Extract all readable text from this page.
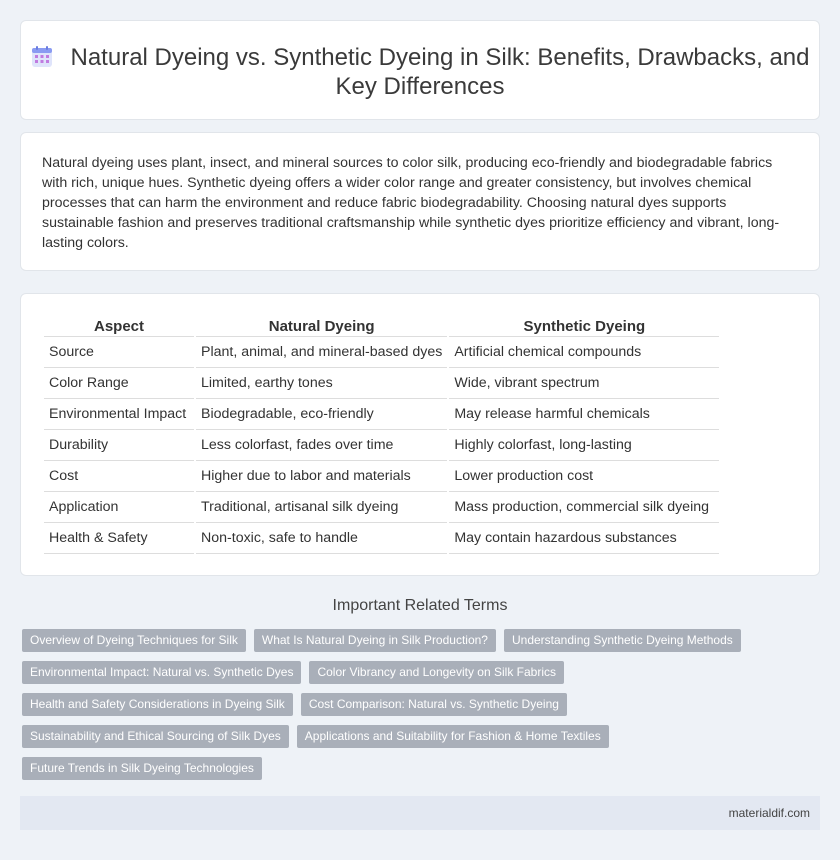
Natural Dyeing vs. Synthetic Dyeing in Silk: Benefits, Drawbacks, and Key Differences

Natural dyeing uses plant, insect, and mineral sources to color silk, producing eco-friendly and biodegradable fabrics with rich, unique hues. Synthetic dyeing offers a wider color range and greater consistency, but involves chemical processes that can harm the environment and reduce fabric biodegradability. Choosing natural dyes supports sustainable fashion and preserves traditional craftsmanship while synthetic dyes prioritize efficiency and vibrant, long-lasting colors.

Aspect	Natural Dyeing	Synthetic Dyeing
Source	Plant, animal, and mineral-based dyes	Artificial chemical compounds
Color Range	Limited, earthy tones	Wide, vibrant spectrum
Environmental Impact	Biodegradable, eco-friendly	May release harmful chemicals
Durability	Less colorfast, fades over time	Highly colorfast, long-lasting
Cost	Higher due to labor and materials	Lower production cost
Application	Traditional, artisanal silk dyeing	Mass production, commercial silk dyeing
Health & Safety	Non-toxic, safe to handle	May contain hazardous substances
Important Related Terms
Overview of Dyeing Techniques for Silk	What Is Natural Dyeing in Silk Production?	Understanding Synthetic Dyeing Methods
Environmental Impact: Natural vs. Synthetic Dyes	Color Vibrancy and Longevity on Silk Fabrics
Health and Safety Considerations in Dyeing Silk	Cost Comparison: Natural vs. Synthetic Dyeing
Sustainability and Ethical Sourcing of Silk Dyes	Applications and Suitability for Fashion & Home Textiles
Future Trends in Silk Dyeing Technologies
materialdif.com
